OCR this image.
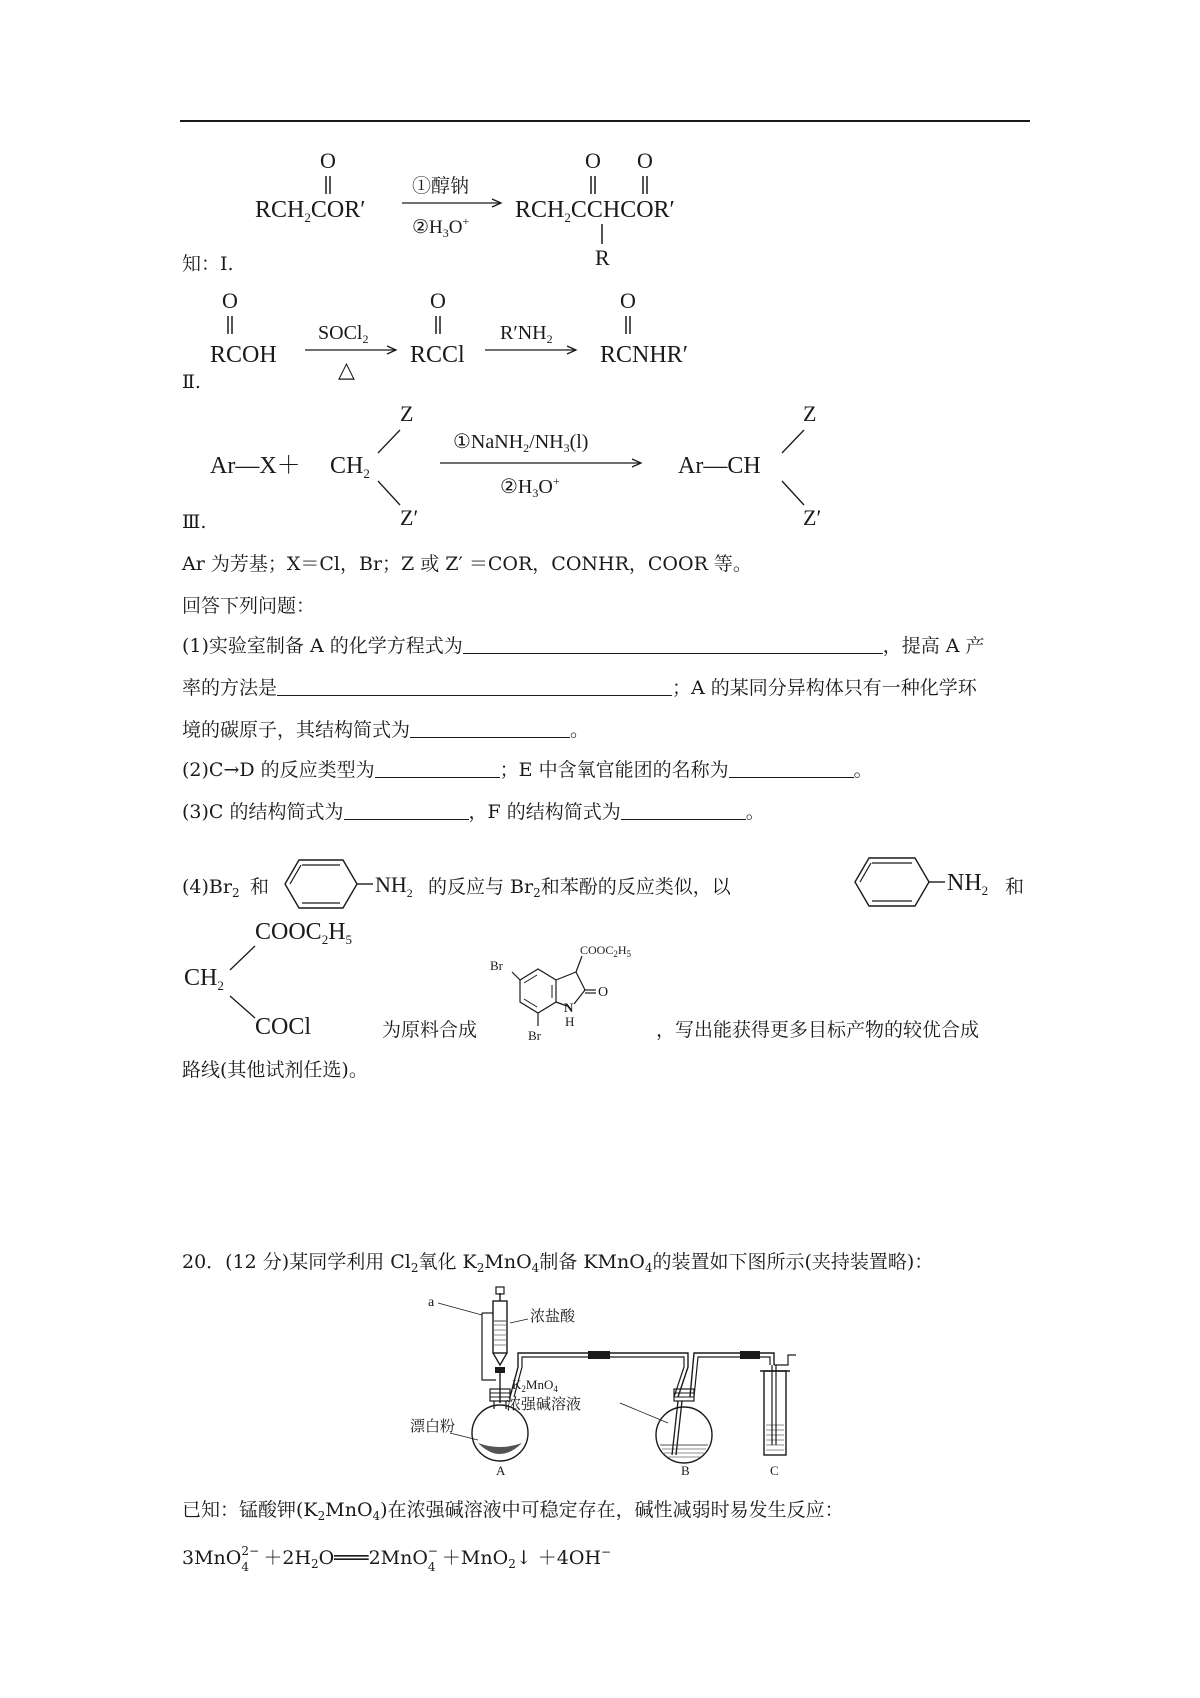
O
$RCH_2COR'$
①醇钠
$②H_3O^+$
O O
$RCH_2CCHCOR'$
R
知：Ⅰ.
O
RCOH
SOCl$_2$
△
O
RCCl
$R'NH_2$
O
RCNHR′
Ⅱ.
Ar—X＋ $CH_2$
Z
Z′
$①NaNH_2/NH_3(l)$
$②H_3O^+$
Ar—CH
Z
Z′
Ⅲ.
Ar 为芳基；X＝Cl，Br；Z 或 Z′ ＝COR，CONHR，COOR 等。
回答下列问题：
(1)实验室制备 A 的化学方程式为	，提高 A 产
率的方法是	；A 的某同分异构体只有一种化学环
境的碳原子，其结构简式为	。
(2)C→D 的反应类型为	；E 中含氧官能团的名称为	。
(3)C 的结构简式为	，F 的结构简式为	。
$(4)Br_2$ 和	$NH_2$ 的反应与 $Br_2$和苯酚的反应类似，以	$NH_2$ 和
$COOC_2H_5$
$CH_2$
COCl	为原料合成
O
$COOC_2H_5$
Br
Br
N
H	，写出能获得更多目标产物的较优合成
路线(其他试剂任选)。
20．(12 分)某同学利用 $Cl_2$氧化 $K_2MnO_4$制备 KMnO$_4$的装置如下图所示(夹持装置略)：
a
浓盐酸
漂白粉
A
$K_2MnO_4$
浓强碱溶液
B	C
已知：锰酸钾$(K_2MnO_4)$在浓强碱溶液中可稳定存在，碱性减弱时易发生反应：
3MnO 2−
$4 +2H_2O═══2MnO$ −
4 ＋MnO$_2$↓ ＋4OH−
